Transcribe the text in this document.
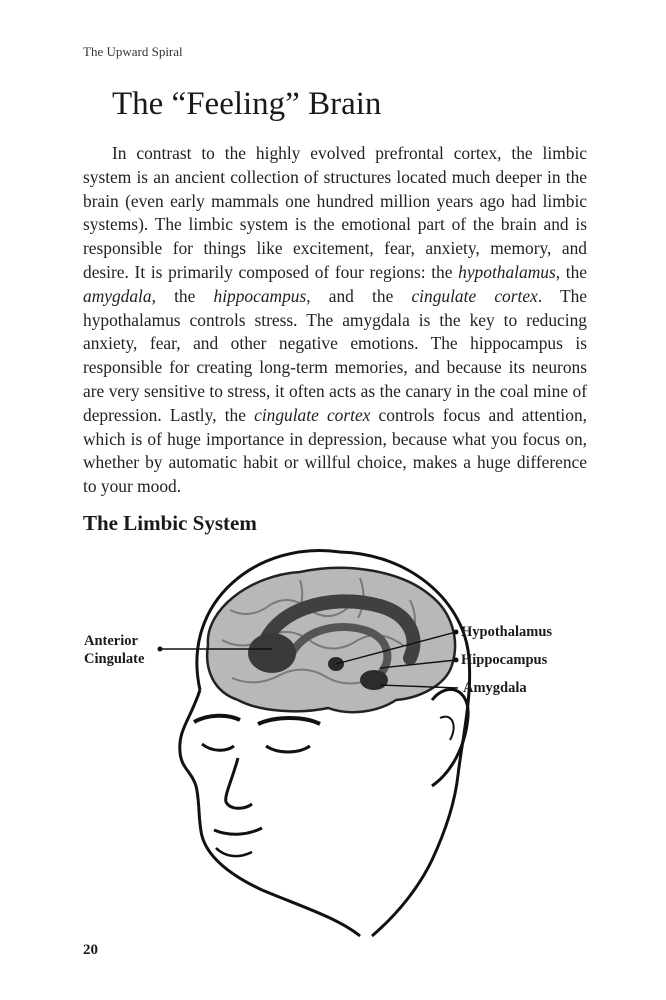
The Upward Spiral
The “Feeling” Brain

In contrast to the highly evolved prefrontal cortex, the limbic system is an ancient collection of structures located much deeper in the brain (even early mammals one hundred million years ago had limbic systems). The limbic system is the emotional part of the brain and is responsible for things like excitement, fear, anxiety, memory, and desire. It is primarily composed of four regions: the hypothalamus, the amygdala, the hippocampus, and the cingulate cortex. The hypothalamus controls stress. The amygdala is the key to reducing anxiety, fear, and other negative emotions. The hippocampus is responsible for creating long-term memories, and because its neurons are very sensitive to stress, it often acts as the canary in the coal mine of depression. Lastly, the cingulate cortex controls focus and attention, which is of huge importance in depression, because what you focus on, whether by automatic habit or willful choice, makes a huge difference to your mood.

The Limbic System
Anterior
Cingulate
Hypothalamus
Hippocampus
Amygdala
20
